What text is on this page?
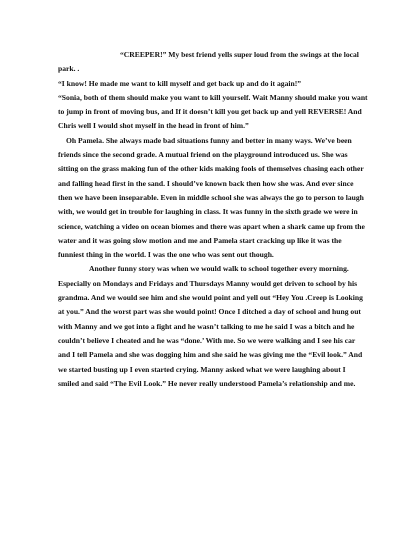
“CREEPER!” My best friend yells super loud from the swings at the local park. .

“I know! He made me want to kill myself and get back up and do it again!”

“Sonia, both of them should make you want to kill yourself. Wait Manny should make you want to jump in front of moving bus, and If it doesn’t kill you get back up and yell REVERSE! And Chris well I would shot myself in the head in front of him.”

Oh Pamela. She always made bad situations funny and better in many ways. We’ve been friends since the second grade. A mutual friend on the playground introduced us. She was sitting on the grass making fun of the other kids making fools of themselves chasing each other and falling head first in the sand. I should’ve known back then how she was. And ever since then we have been inseparable. Even in middle school she was always the go to person to laugh with, we would get in trouble for laughing in class. It was funny in the sixth grade we were in science, watching a video on ocean biomes and there was apart when a shark came up from the water and it was going slow motion and me and Pamela start cracking up like it was the funniest thing in the world. I was the one who was sent out though.

Another funny story was when we would walk to school together every morning. Especially on Mondays and Fridays and Thursdays Manny would get driven to school by his grandma. And we would see him and she would point and yell out “Hey You .Creep is Looking at you.” And the worst part was she would point! Once I ditched a day of school and hung out with Manny and we got into a fight and he wasn’t talking to me he said I was a bitch and he couldn’t believe I cheated and he was “done.’ With me. So we were walking and I see his car and I tell Pamela and she was dogging him and she said he was giving me the “Evil look.” And we started busting up I even started crying. Manny asked what we were laughing about I smiled and said “The Evil Look.” He never really understood Pamela’s relationship and me.
